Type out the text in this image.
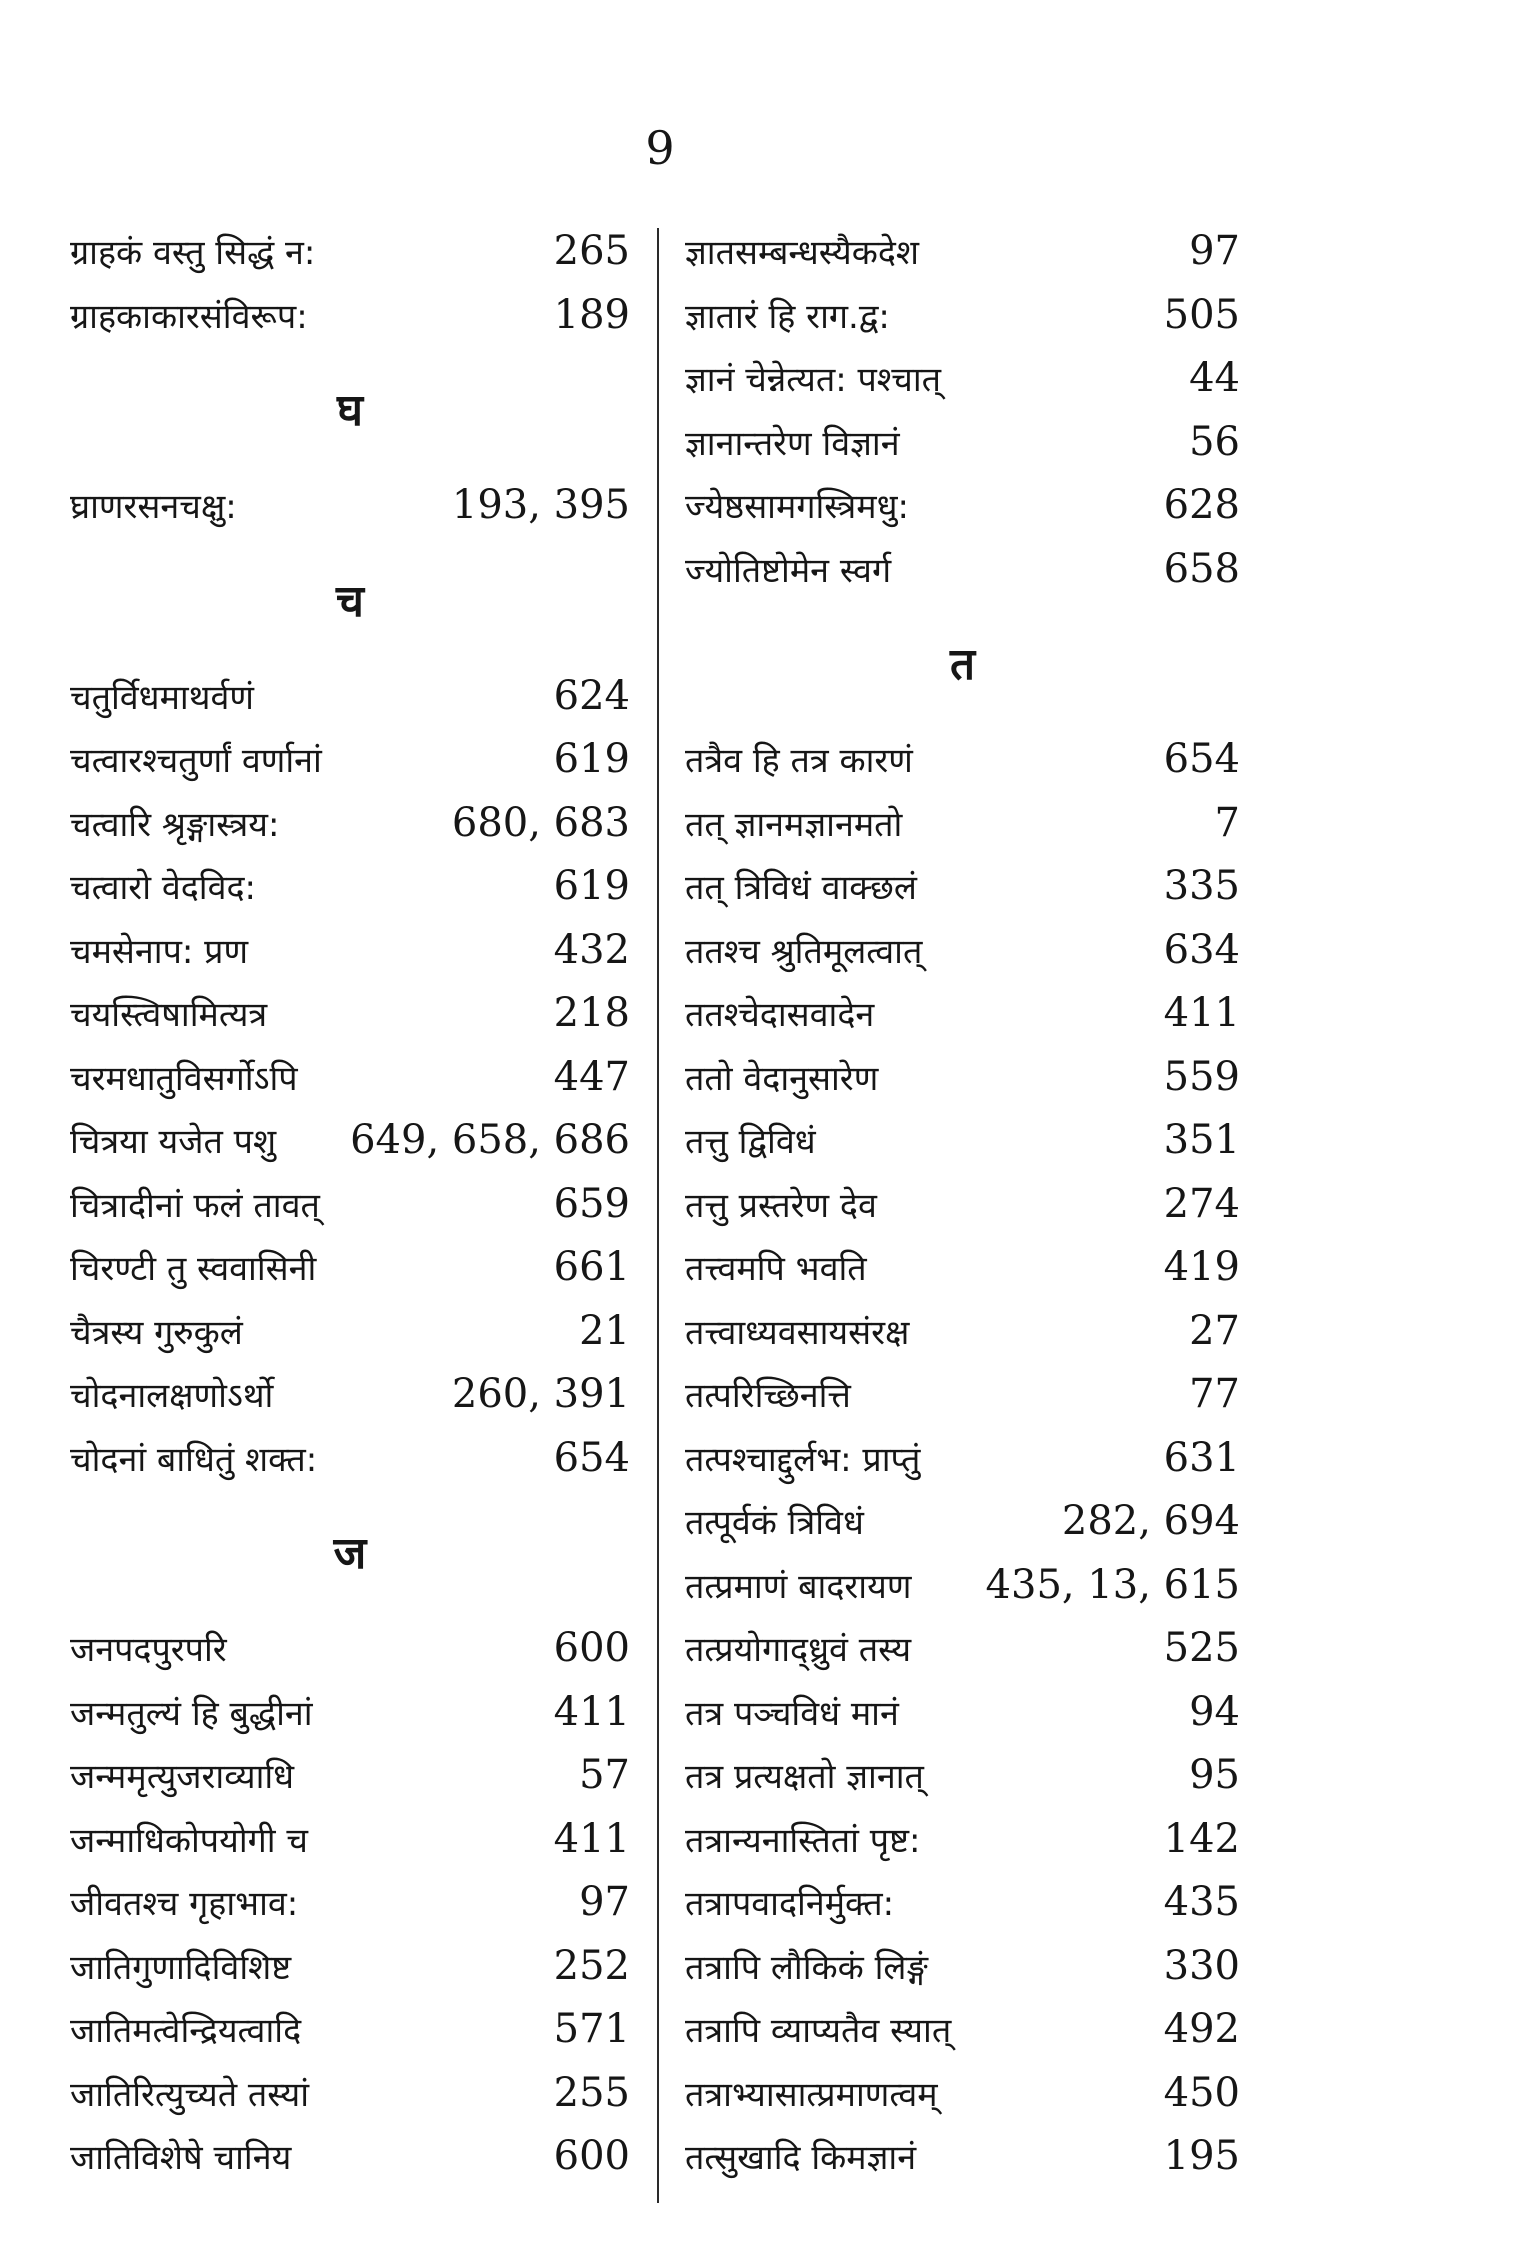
9
ग्राहकं वस्तु सिद्धं न:	265
ग्राहकाकारसंविरूप:	189
घ
घ्राणरसनचक्षु:	193, 395
च
चतुर्विधमाथर्वणं	624
चत्वारश्चतुर्णां वर्णानां	619
चत्वारि श्रृङ्गास्त्रय:	680, 683
चत्वारो वेदविद:	619
चमसेनाप: प्रण	432
चयस्त्विषामित्यत्र	218
चरमधातुविसर्गोऽपि	447
चित्रया यजेत पशु 649, 658, 686
चित्रादीनां फलं तावत्	659
चिरण्टी तु स्ववासिनी	661
चैत्रस्य गुरुकुलं	21
चोदनालक्षणोऽर्थो	260, 391
चोदनां बाधितुं शक्त:	654
ज
जनपदपुरपरि	600
जन्मतुल्यं हि बुद्धीनां	411
जन्ममृत्युजराव्याधि	57
जन्माधिकोपयोगी च	411
जीवतश्च गृहाभाव:	97
जातिगुणादिविशिष्ट	252
जातिमत्वेन्द्रियत्वादि	571
जातिरित्युच्यते तस्यां	255
जातिविशेषे चानिय	600
ज्ञातसम्बन्धस्यैकदेश	97
ज्ञातारं हि राग.द्व:	505
ज्ञानं चेन्नेत्यत: पश्चात्	44
ज्ञानान्तरेण विज्ञानं	56
ज्येष्ठसामगस्त्रिमधु:	628
ज्योतिष्टोमेन स्वर्ग	658
त
तत्रैव हि तत्र कारणं	654
तत् ज्ञानमज्ञानमतो	7
तत् त्रिविधं वाक्छलं	335
ततश्च श्रुतिमूलत्वात्	634
ततश्चेदासवादेन	411
ततो वेदानुसारेण	559
तत्तु द्विविधं	351
तत्तु प्रस्तरेण देव	274
तत्त्वमपि भवति	419
तत्त्वाध्यवसायसंरक्ष	27
तत्परिच्छिनत्ति	77
तत्पश्चाद्दुर्लभ: प्राप्तुं	631
तत्पूर्वकं त्रिविधं	282, 694
तत्प्रमाणं बादरायण 435, 13, 615
तत्प्रयोगाद्ध्रुवं तस्य	525
तत्र पञ्चविधं मानं	94
तत्र प्रत्यक्षतो ज्ञानात्	95
तत्रान्यनास्तितां पृष्ट:	142
तत्रापवादनिर्मुक्त:	435
तत्रापि लौकिकं लिङ्गं	330
तत्रापि व्याप्यतैव स्यात्	492
तत्राभ्यासात्प्रमाणत्वम्	450
तत्सुखादि किमज्ञानं	195
